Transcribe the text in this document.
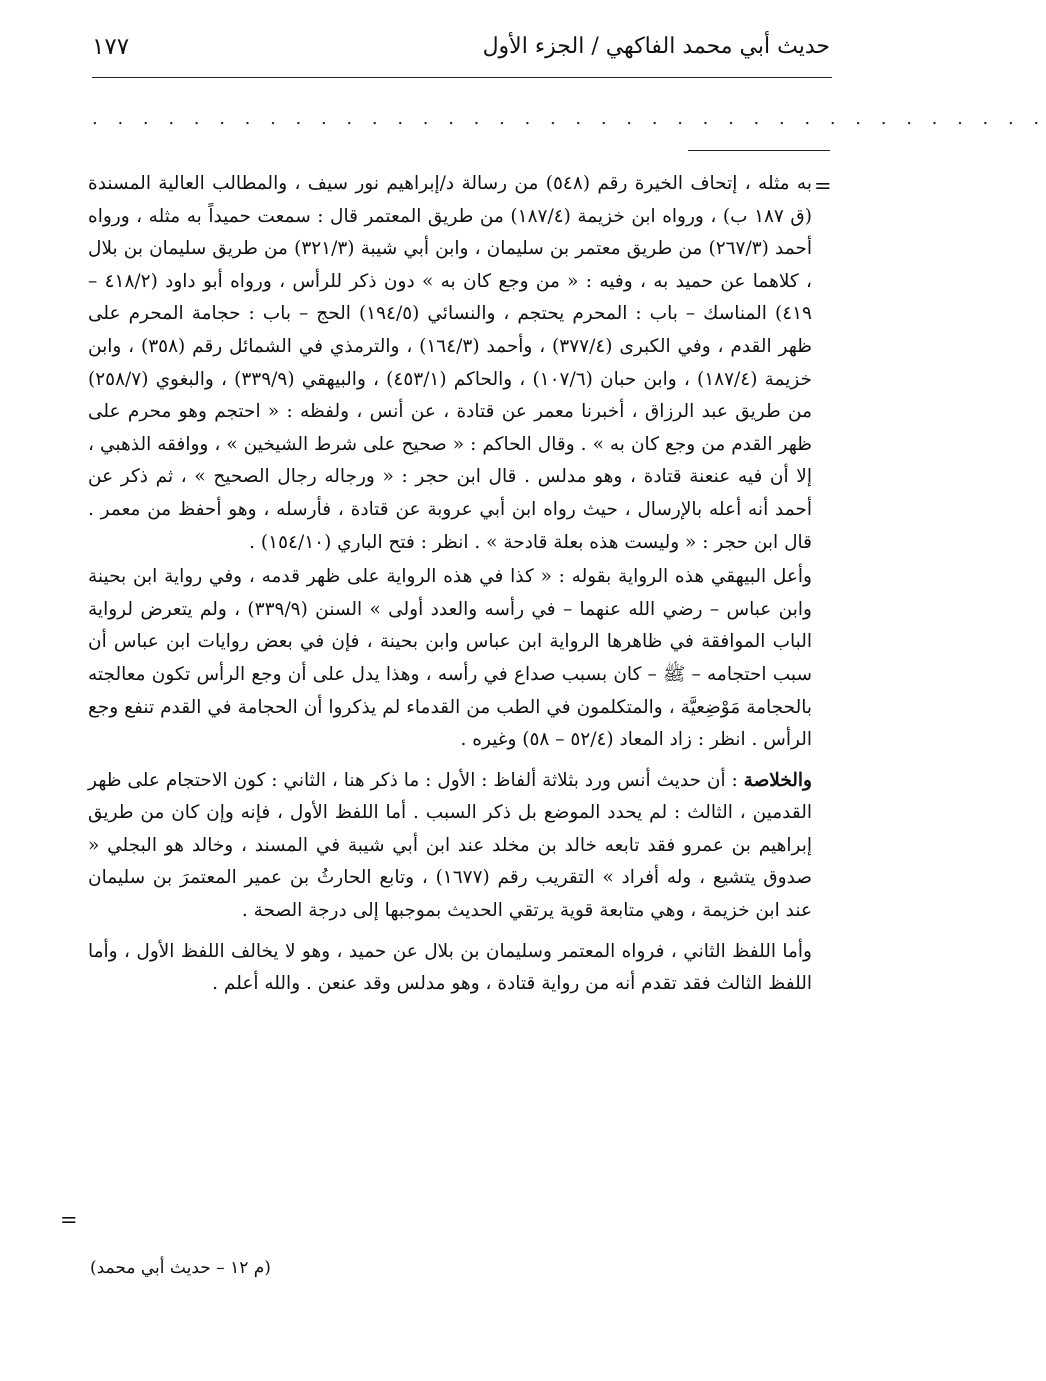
حديث أبي محمد الفاكهي / الجزء الأول
١٧٧
. . . . . . . . . . . . . . . . . . . . . . . . . . . . . . . . . . . . . .
=

به مثله ، إتحاف الخيرة رقم (٥٤٨) من رسالة د/إبراهيم نور سيف ، والمطالب العالية المسندة (ق ١٨٧ ب) ، ورواه ابن خزيمة (١٨٧/٤) من طريق المعتمر قال : سمعت حميداً به مثله ، ورواه أحمد (٢٦٧/٣) من طريق معتمر بن سليمان ، وابن أبي شيبة (٣٢١/٣) من طريق سليمان بن بلال ، كلاهما عن حميد به ، وفيه : « من وجع كان به » دون ذكر للرأس ، ورواه أبو داود (٤١٨/٢ – ٤١٩) المناسك – باب : المحرم يحتجم ، والنسائي (١٩٤/٥) الحج – باب : حجامة المحرم على ظهر القدم ، وفي الكبرى (٣٧٧/٤) ، وأحمد (١٦٤/٣) ، والترمذي في الشمائل رقم (٣٥٨) ، وابن خزيمة (١٨٧/٤) ، وابن حبان (١٠٧/٦) ، والحاكم (٤٥٣/١) ، والبيهقي (٣٣٩/٩) ، والبغوي (٢٥٨/٧) من طريق عبد الرزاق ، أخبرنا معمر عن قتادة ، عن أنس ، ولفظه : « احتجم وهو محرم على ظهر القدم من وجع كان به » . وقال الحاكم : « صحيح على شرط الشيخين » ، ووافقه الذهبي ، إلا أن فيه عنعنة قتادة ، وهو مدلس . قال ابن حجر : « ورجاله رجال الصحيح » ، ثم ذكر عن أحمد أنه أعله بالإرسال ، حيث رواه ابن أبي عروبة عن قتادة ، فأرسله ، وهو أحفظ من معمر . قال ابن حجر : « وليست هذه بعلة قادحة » . انظر : فتح الباري (١٥٤/١٠) .

وأعل البيهقي هذه الرواية بقوله : « كذا في هذه الرواية على ظهر قدمه ، وفي رواية ابن بحينة وابن عباس – رضي الله عنهما – في رأسه والعدد أولى » السنن (٣٣٩/٩) ، ولم يتعرض لرواية الباب الموافقة في ظاهرها الرواية ابن عباس وابن بحينة ، فإن في بعض روايات ابن عباس أن سبب احتجامه – ﷺ – كان بسبب صداع في رأسه ، وهذا يدل على أن وجع الرأس تكون معالجته بالحجامة مَوْضِعيَّة ، والمتكلمون في الطب من القدماء لم يذكروا أن الحجامة في القدم تنفع وجع الرأس . انظر : زاد المعاد (٥٢/٤ – ٥٨) وغيره .

والخلاصة : أن حديث أنس ورد بثلاثة ألفاظ : الأول : ما ذكر هنا ، الثاني : كون الاحتجام على ظهر القدمين ، الثالث : لم يحدد الموضع بل ذكر السبب . أما اللفظ الأول ، فإنه وإن كان من طريق إبراهيم بن عمرو فقد تابعه خالد بن مخلد عند ابن أبي شيبة في المسند ، وخالد هو البجلي « صدوق يتشيع ، وله أفراد » التقريب رقم (١٦٧٧) ، وتابع الحارثُ بن عمير المعتمرَ بن سليمان عند ابن خزيمة ، وهي متابعة قوية يرتقي الحديث بموجبها إلى درجة الصحة .

وأما اللفظ الثاني ، فرواه المعتمر وسليمان بن بلال عن حميد ، وهو لا يخالف اللفظ الأول ، وأما اللفظ الثالث فقد تقدم أنه من رواية قتادة ، وهو مدلس وقد عنعن . والله أعلم .

=
(م ١٢ – حديث أبي محمد)
